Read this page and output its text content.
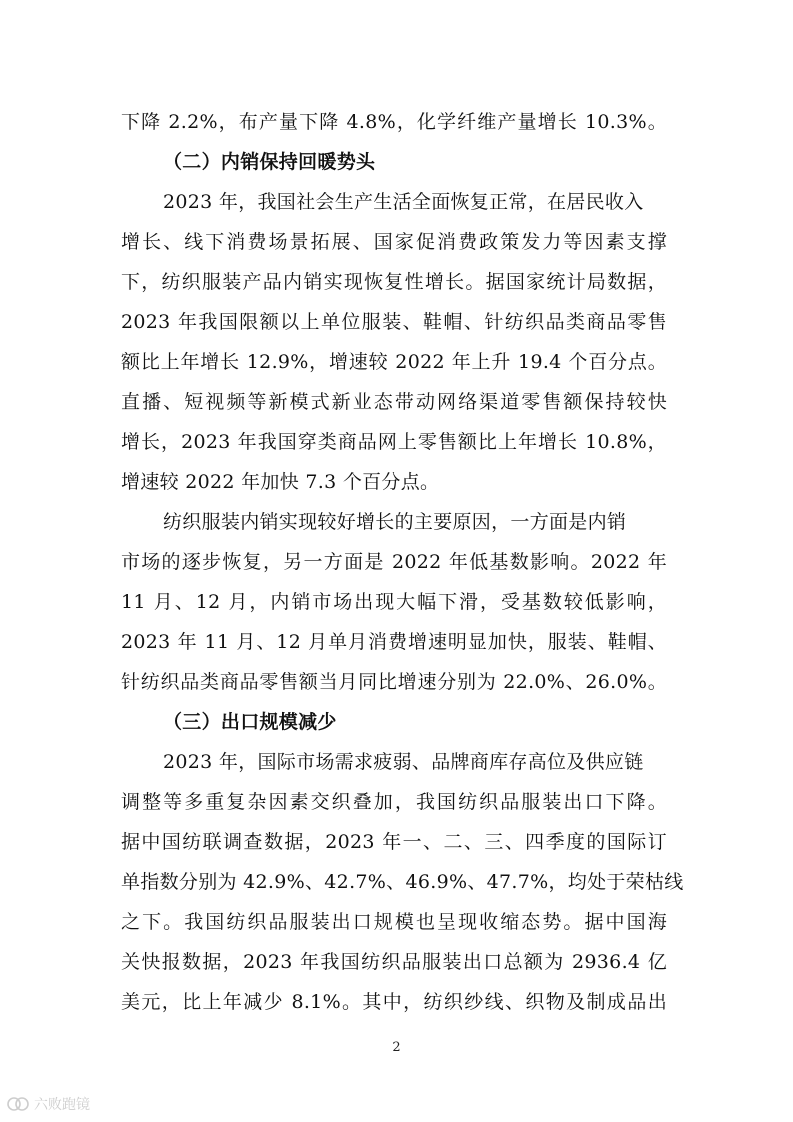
下降 2.2%，布产量下降 4.8%，化学纤维产量增长 10.3%。
（二）内销保持回暖势头
2023 年，我国社会生产生活全面恢复正常，在居民收入
增长、线下消费场景拓展、国家促消费政策发力等因素支撑
下，纺织服装产品内销实现恢复性增长。据国家统计局数据，
2023 年我国限额以上单位服装、鞋帽、针纺织品类商品零售
额比上年增长 12.9%，增速较 2022 年上升 19.4 个百分点。
直播、短视频等新模式新业态带动网络渠道零售额保持较快
增长，2023 年我国穿类商品网上零售额比上年增长 10.8%，
增速较 2022 年加快 7.3 个百分点。
纺织服装内销实现较好增长的主要原因，一方面是内销
市场的逐步恢复，另一方面是 2022 年低基数影响。2022 年
11 月、12 月，内销市场出现大幅下滑，受基数较低影响，
2023 年 11 月、12 月单月消费增速明显加快，服装、鞋帽、
针纺织品类商品零售额当月同比增速分别为 22.0%、26.0%。
（三）出口规模减少
2023 年，国际市场需求疲弱、品牌商库存高位及供应链
调整等多重复杂因素交织叠加，我国纺织品服装出口下降。
据中国纺联调查数据，2023 年一、二、三、四季度的国际订
单指数分别为 42.9%、42.7%、46.9%、47.7%，均处于荣枯线
之下。我国纺织品服装出口规模也呈现收缩态势。据中国海
关快报数据，2023 年我国纺织品服装出口总额为 2936.4 亿
美元，比上年减少 8.1%。其中，纺织纱线、织物及制成品出
2
六败跑镜
